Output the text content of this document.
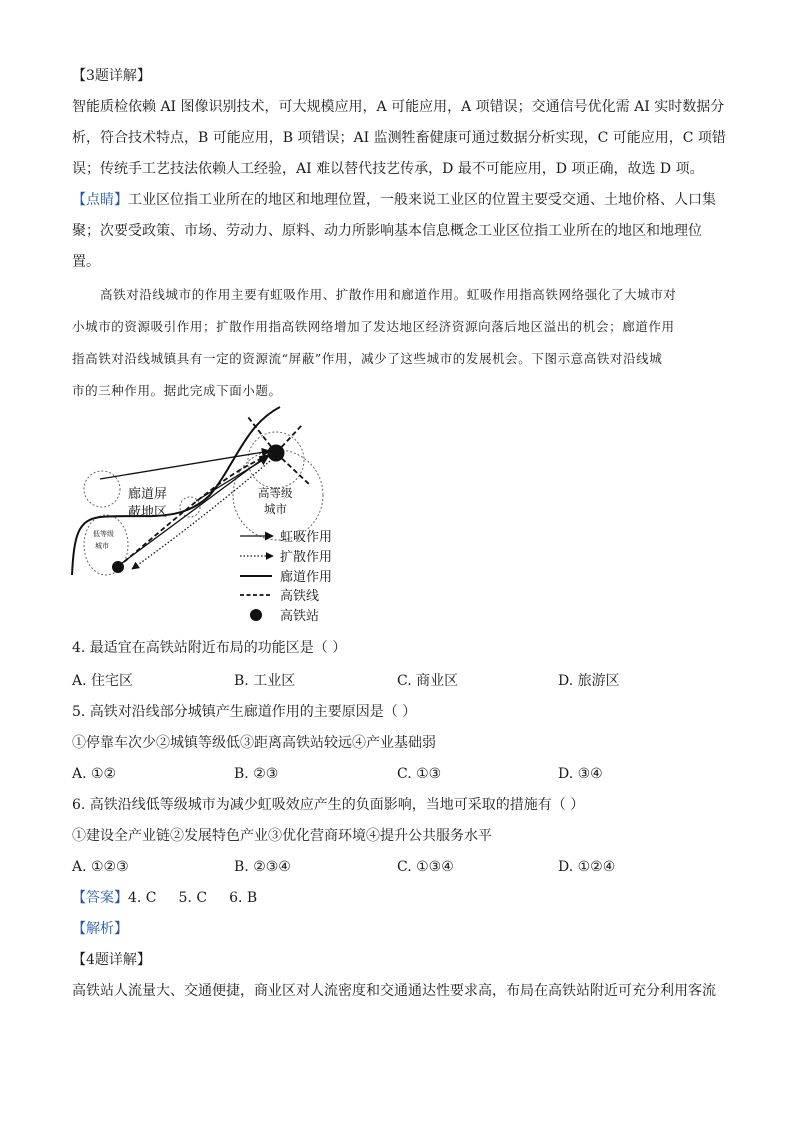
【3题详解】
智能质检依赖 AI 图像识别技术，可大规模应用，A 可能应用，A 项错误；交通信号优化需 AI 实时数据分
析，符合技术特点，B 可能应用，B 项错误；AI 监测牲畜健康可通过数据分析实现，C 可能应用，C 项错
误；传统手工艺技法依赖人工经验，AI 难以替代技艺传承，D 最不可能应用，D 项正确，故选 D 项。
【点睛】工业区位指工业所在的地区和地理位置，一般来说工业区的位置主要受交通、土地价格、人口集
聚；次要受政策、市场、劳动力、原料、动力所影响基本信息概念工业区位指工业所在的地区和地理位
置。
高铁对沿线城市的作用主要有虹吸作用、扩散作用和廊道作用。虹吸作用指高铁网络强化了大城市对
小城市的资源吸引作用；扩散作用指高铁网络增加了发达地区经济资源向落后地区溢出的机会；廊道作用
指高铁对沿线城镇具有一定的资源流“屏蔽”作用，减少了这些城市的发展机会。下图示意高铁对沿线城
市的三种作用。据此完成下面小题。
廊道屏
蔽地区
高等级
城市
低等级
城市
虹吸作用
扩散作用
廊道作用
高铁线
高铁站
4. 最适宜在高铁站附近布局的功能区是（ ）
A. 住宅区	B. 工业区	C. 商业区	D. 旅游区
5. 高铁对沿线部分城镇产生廊道作用的主要原因是（ ）
①停靠车次少②城镇等级低③距离高铁站较远④产业基础弱
A. ①②	B. ②③	C. ①③	D. ③④
6. 高铁沿线低等级城市为减少虹吸效应产生的负面影响，当地可采取的措施有（ ）
①建设全产业链②发展特色产业③优化营商环境④提升公共服务水平
A. ①②③	B. ②③④	C. ①③④	D. ①②④
【答案】4. C 5. C 6. B
【解析】
【4题详解】
高铁站人流量大、交通便捷，商业区对人流密度和交通通达性要求高，布局在高铁站附近可充分利用客流
